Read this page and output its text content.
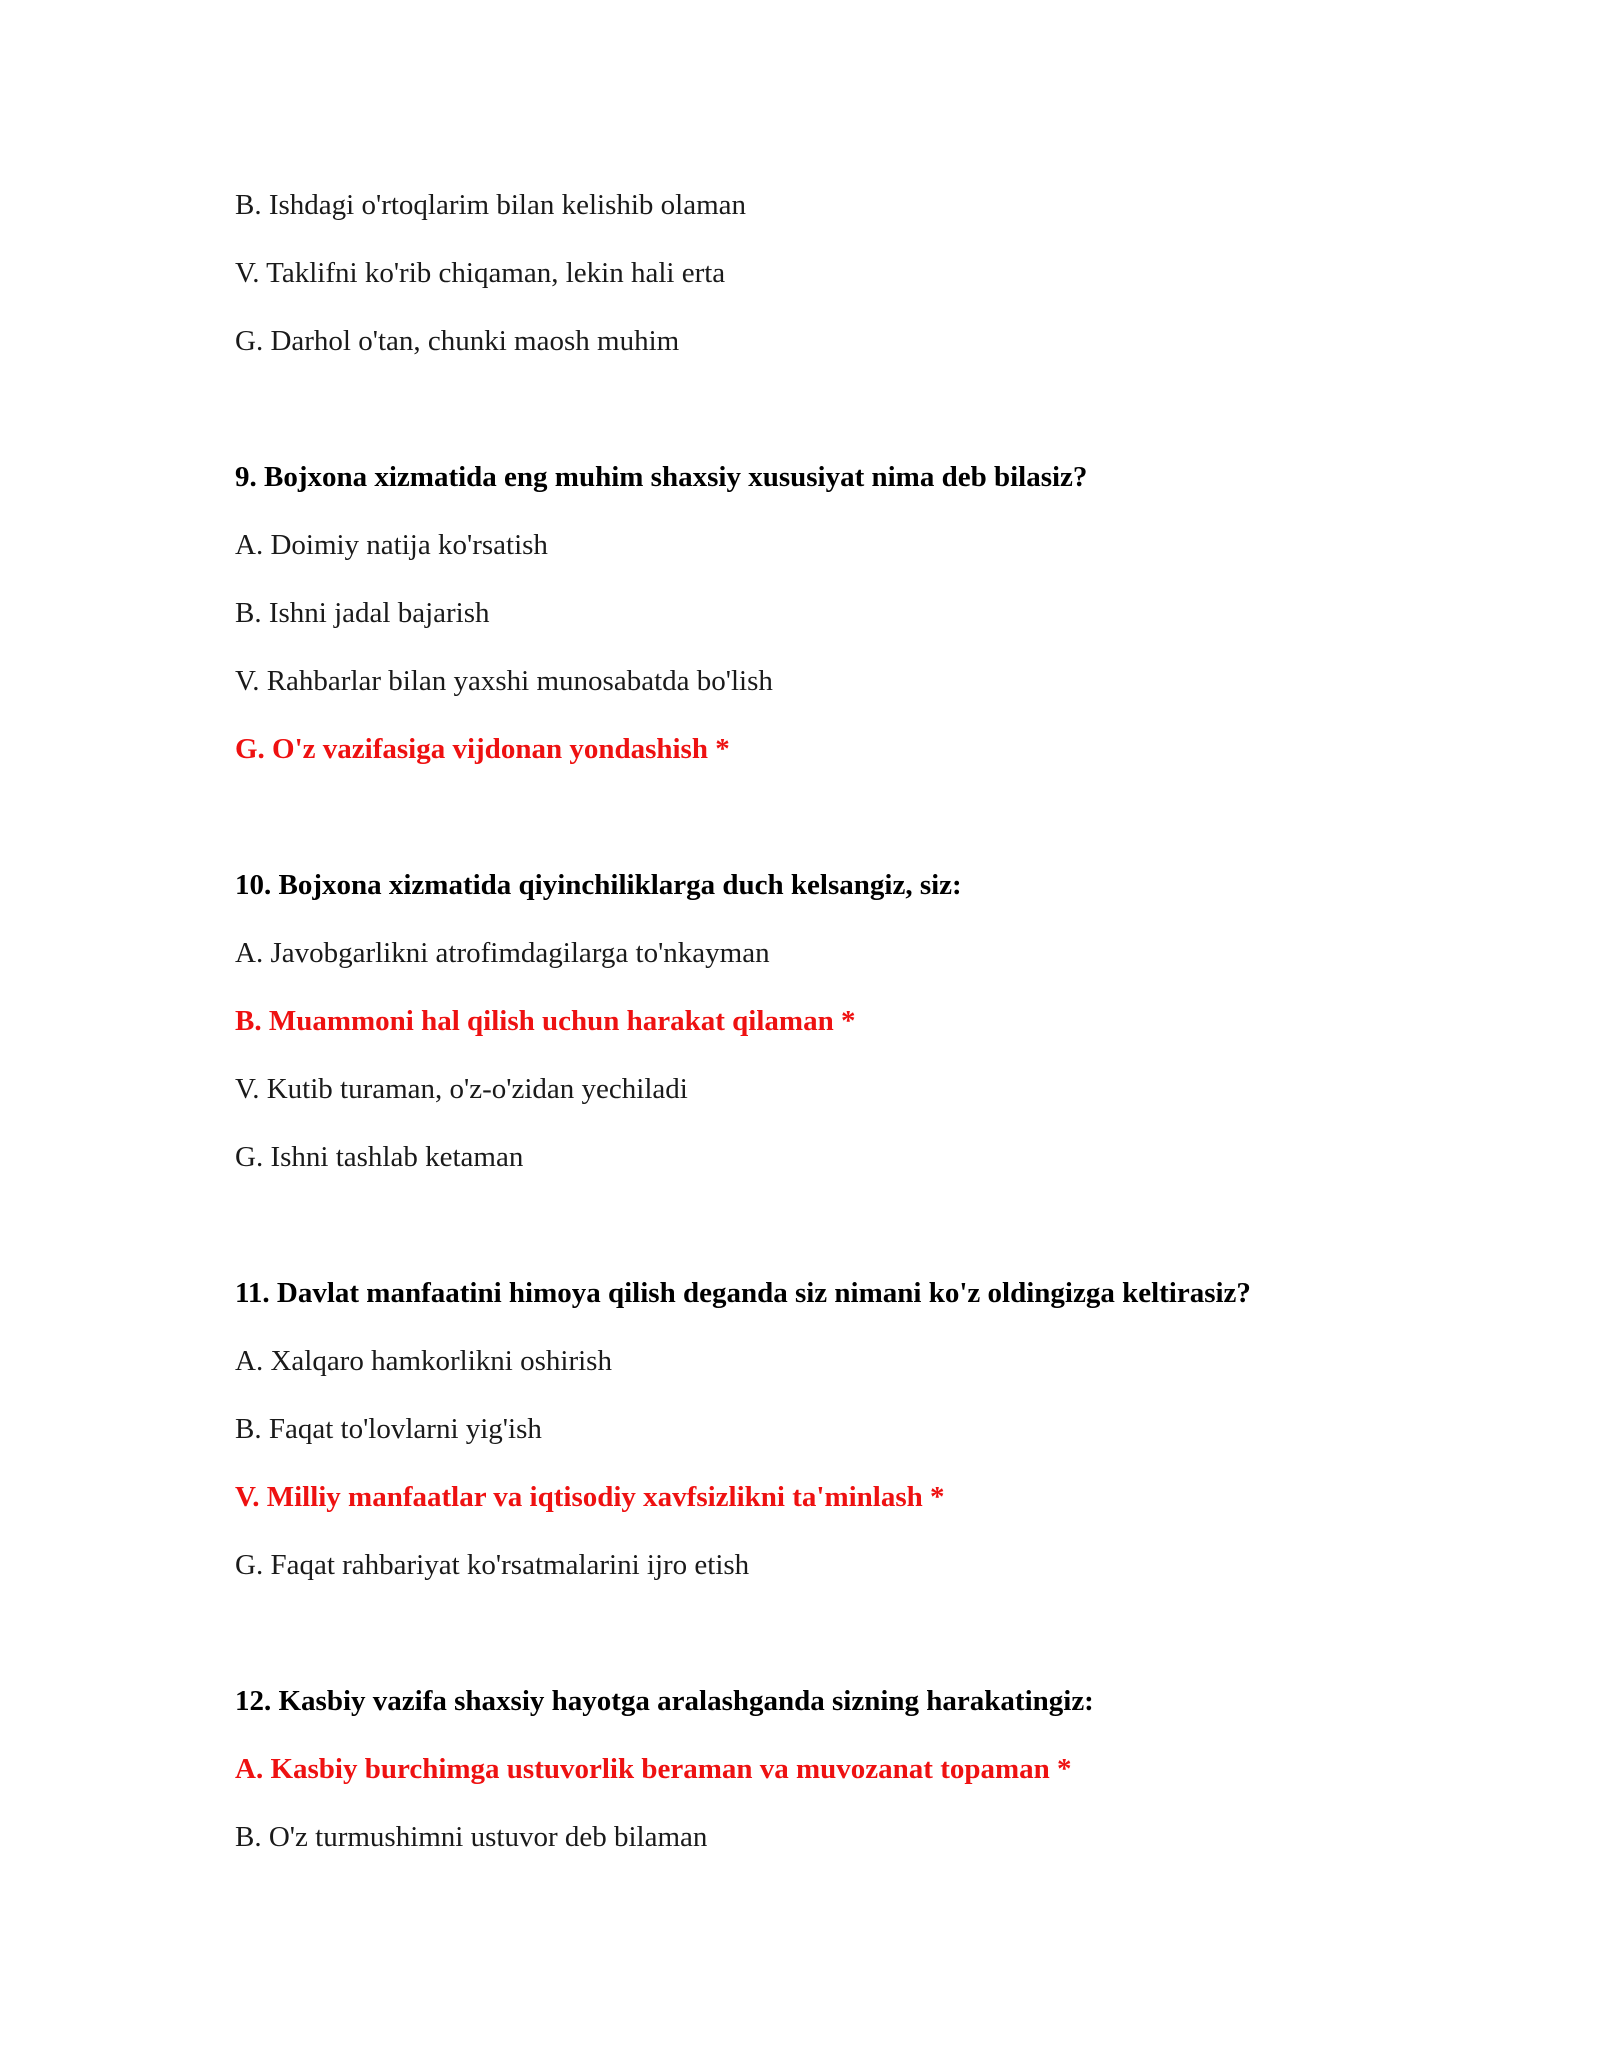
B. Ishdagi o'rtoqlarim bilan kelishib olaman
V. Taklifni ko'rib chiqaman, lekin hali erta
G. Darhol o'tan, chunki maosh muhim
9. Bojxona xizmatida eng muhim shaxsiy xususiyat nima deb bilasiz?
A. Doimiy natija ko'rsatish
B. Ishni jadal bajarish
V. Rahbarlar bilan yaxshi munosabatda bo'lish
G. O'z vazifasiga vijdonan yondashish *
10. Bojxona xizmatida qiyinchiliklarga duch kelsangiz, siz:
A. Javobgarlikni atrofimdagilarga to'nkayman
B. Muammoni hal qilish uchun harakat qilaman *
V. Kutib turaman, o'z-o'zidan yechiladi
G. Ishni tashlab ketaman
11. Davlat manfaatini himoya qilish deganda siz nimani ko'z oldingizga keltirasiz?
A. Xalqaro hamkorlikni oshirish
B. Faqat to'lovlarni yig'ish
V. Milliy manfaatlar va iqtisodiy xavfsizlikni ta'minlash *
G. Faqat rahbariyat ko'rsatmalarini ijro etish
12. Kasbiy vazifa shaxsiy hayotga aralashganda sizning harakatingiz:
A. Kasbiy burchimga ustuvorlik beraman va muvozanat topaman *
B. O'z turmushimni ustuvor deb bilaman
